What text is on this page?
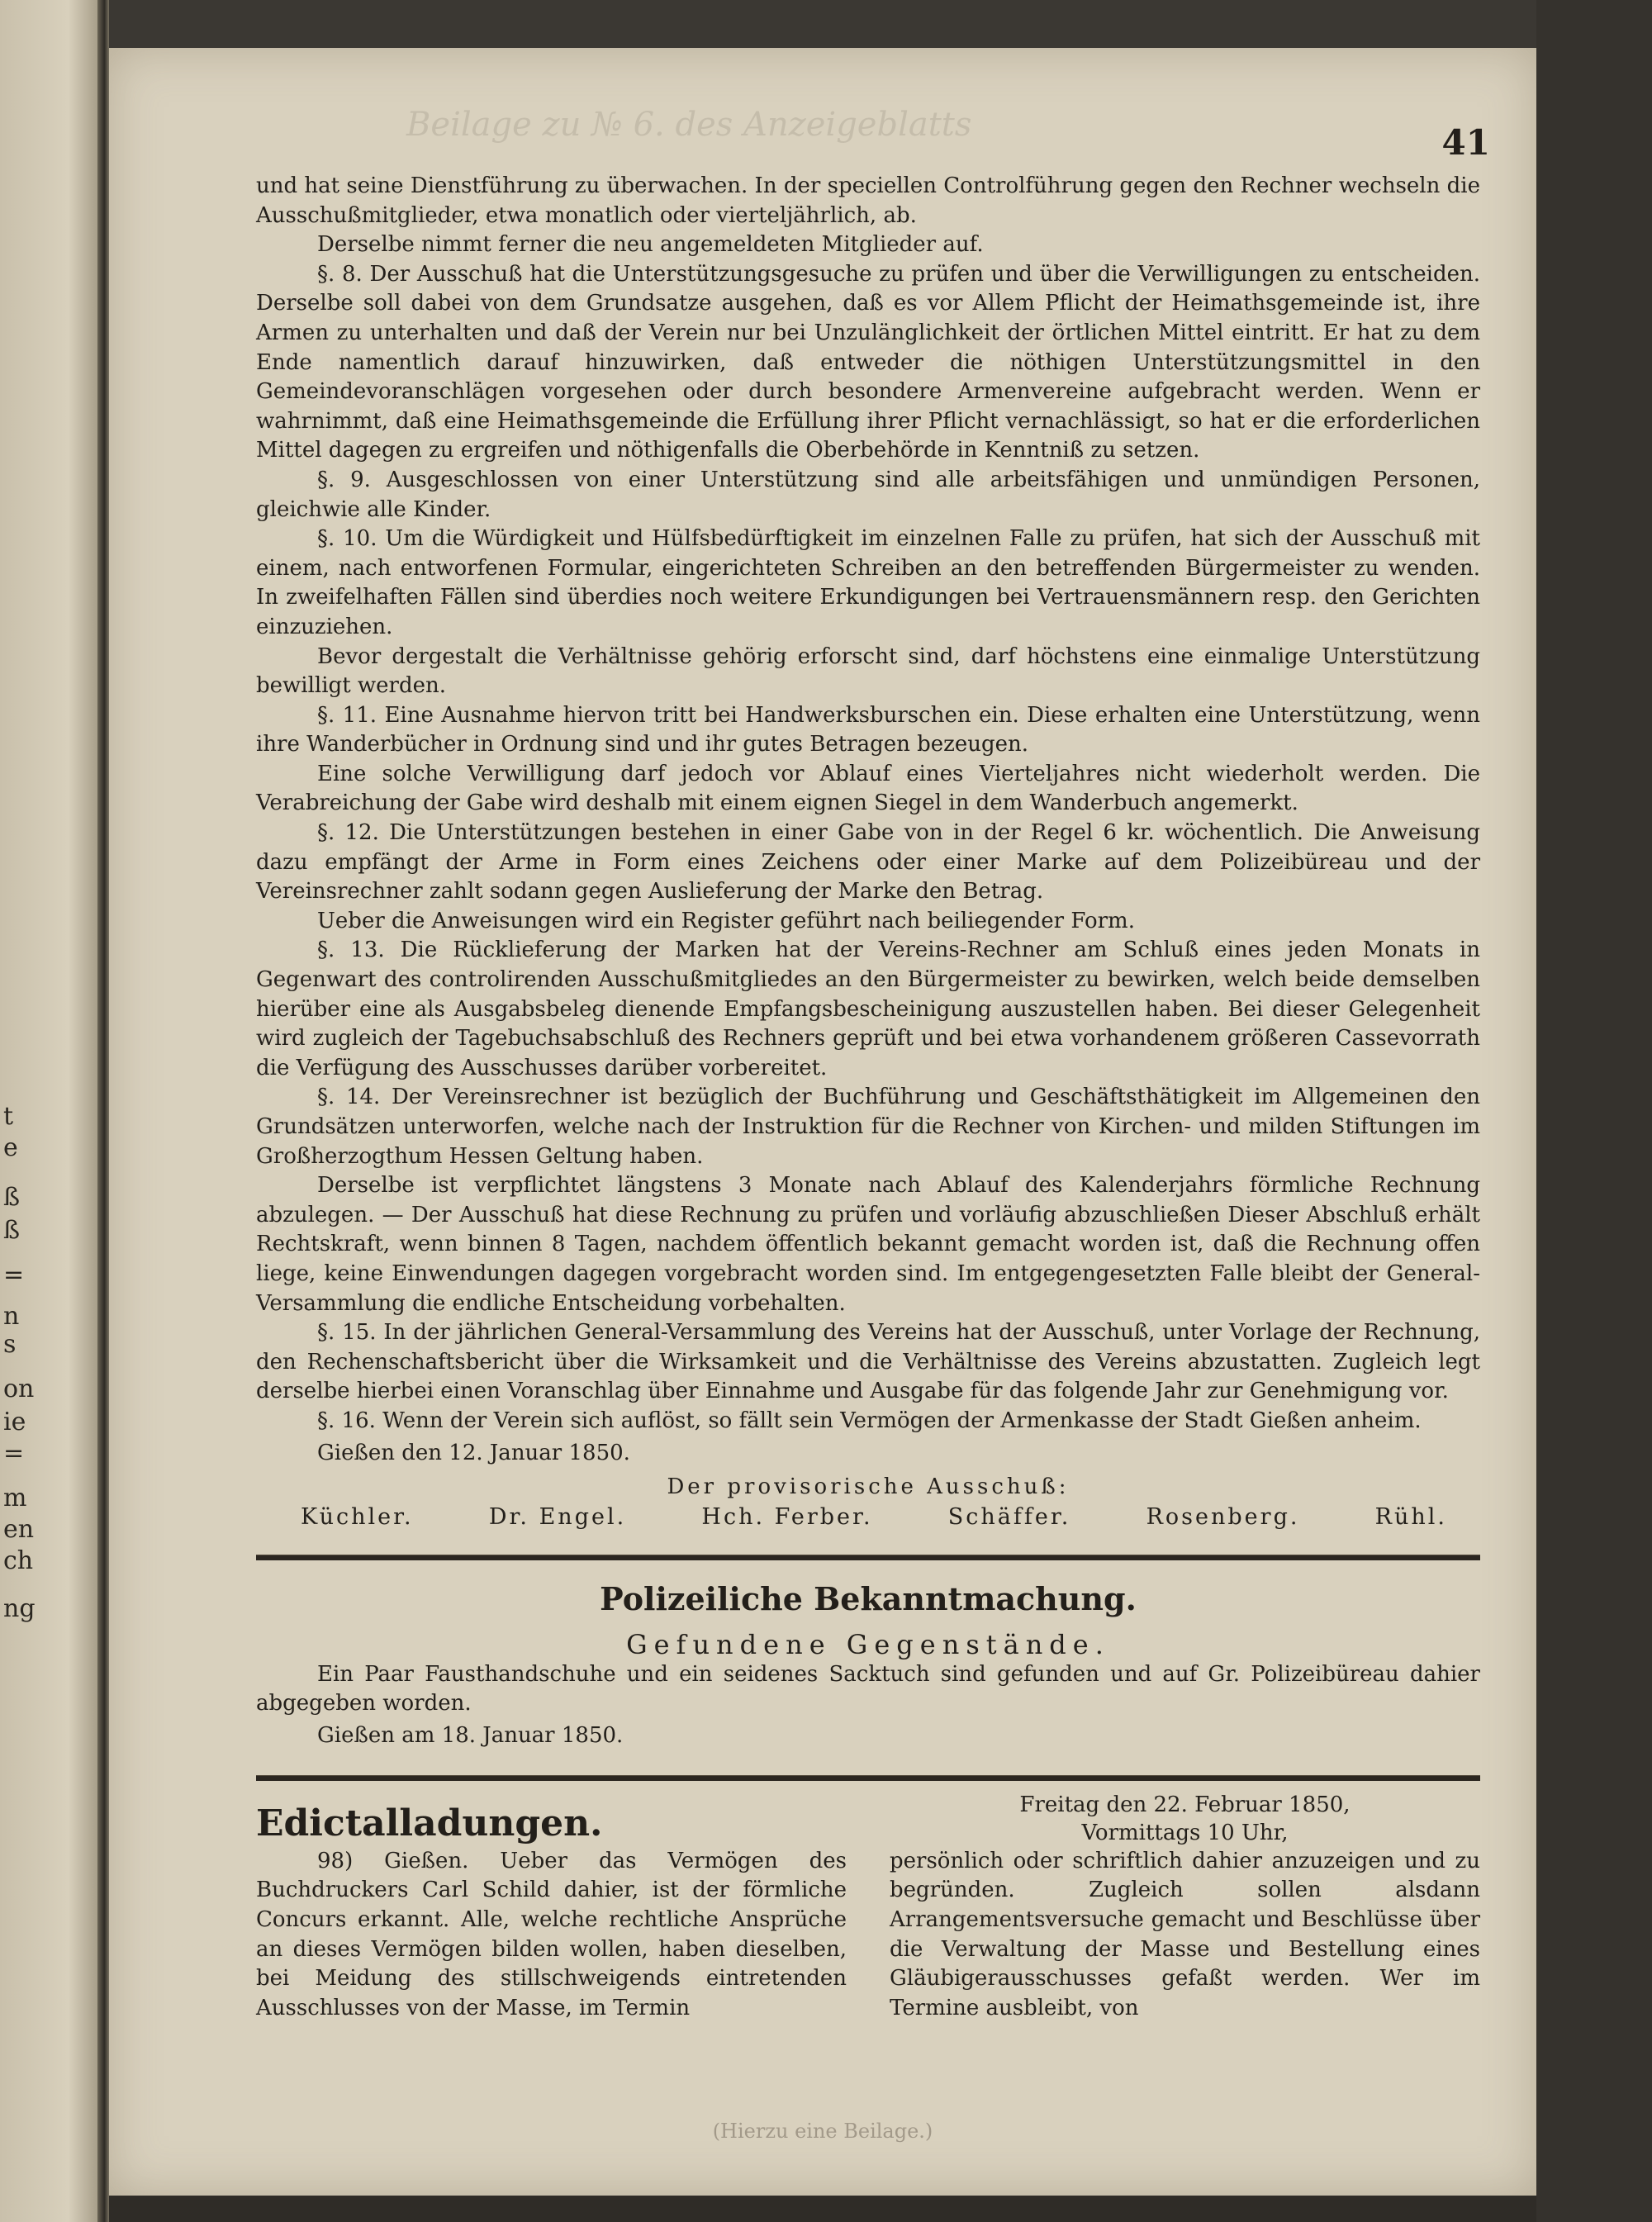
t
e
ß
ß
=
n
s
on
ie
=
m
en
ch
ng

Beilage zu № 6. des Anzeigeblatts	41

und hat seine Dienstführung zu überwachen. In der speciellen Controlführung gegen den Rechner wechseln die Ausschußmitglieder, etwa monatlich oder vierteljährlich, ab.

Derselbe nimmt ferner die neu angemeldeten Mitglieder auf.

§. 8. Der Ausschuß hat die Unterstützungsgesuche zu prüfen und über die Verwilligungen zu entscheiden. Derselbe soll dabei von dem Grundsatze ausgehen, daß es vor Allem Pflicht der Heimathsgemeinde ist, ihre Armen zu unterhalten und daß der Verein nur bei Unzulänglichkeit der örtlichen Mittel eintritt. Er hat zu dem Ende namentlich darauf hinzuwirken, daß entweder die nöthigen Unterstützungsmittel in den Gemeindevoranschlägen vorgesehen oder durch besondere Armenvereine aufgebracht werden. Wenn er wahrnimmt, daß eine Heimathsgemeinde die Erfüllung ihrer Pflicht vernachlässigt, so hat er die erforderlichen Mittel dagegen zu ergreifen und nöthigenfalls die Oberbehörde in Kenntniß zu setzen.

§. 9. Ausgeschlossen von einer Unterstützung sind alle arbeitsfähigen und unmündigen Personen, gleichwie alle Kinder.

§. 10. Um die Würdigkeit und Hülfsbedürftigkeit im einzelnen Falle zu prüfen, hat sich der Ausschuß mit einem, nach entworfenen Formular, eingerichteten Schreiben an den betreffenden Bürgermeister zu wenden. In zweifelhaften Fällen sind überdies noch weitere Erkundigungen bei Vertrauensmännern resp. den Gerichten einzuziehen.

Bevor dergestalt die Verhältnisse gehörig erforscht sind, darf höchstens eine einmalige Unterstützung bewilligt werden.

§. 11. Eine Ausnahme hiervon tritt bei Handwerksburschen ein. Diese erhalten eine Unterstützung, wenn ihre Wanderbücher in Ordnung sind und ihr gutes Betragen bezeugen.

Eine solche Verwilligung darf jedoch vor Ablauf eines Vierteljahres nicht wiederholt werden. Die Verabreichung der Gabe wird deshalb mit einem eignen Siegel in dem Wanderbuch angemerkt.

§. 12. Die Unterstützungen bestehen in einer Gabe von in der Regel 6 kr. wöchentlich. Die Anweisung dazu empfängt der Arme in Form eines Zeichens oder einer Marke auf dem Polizeibüreau und der Vereinsrechner zahlt sodann gegen Auslieferung der Marke den Betrag.

Ueber die Anweisungen wird ein Register geführt nach beiliegender Form.

§. 13. Die Rücklieferung der Marken hat der Vereins-Rechner am Schluß eines jeden Monats in Gegenwart des controlirenden Ausschußmitgliedes an den Bürgermeister zu bewirken, welch beide demselben hierüber eine als Ausgabsbeleg dienende Empfangsbescheinigung auszustellen haben. Bei dieser Gelegenheit wird zugleich der Tagebuchsabschluß des Rechners geprüft und bei etwa vorhandenem größeren Cassevorrath die Verfügung des Ausschusses darüber vorbereitet.

§. 14. Der Vereinsrechner ist bezüglich der Buchführung und Geschäftsthätigkeit im Allgemeinen den Grundsätzen unterworfen, welche nach der Instruktion für die Rechner von Kirchen- und milden Stiftungen im Großherzogthum Hessen Geltung haben.

Derselbe ist verpflichtet längstens 3 Monate nach Ablauf des Kalenderjahrs förmliche Rechnung abzulegen. — Der Ausschuß hat diese Rechnung zu prüfen und vorläufig abzuschließen Dieser Abschluß erhält Rechtskraft, wenn binnen 8 Tagen, nachdem öffentlich bekannt gemacht worden ist, daß die Rechnung offen liege, keine Einwendungen dagegen vorgebracht worden sind. Im entgegengesetzten Falle bleibt der General-Versammlung die endliche Entscheidung vorbehalten.

§. 15. In der jährlichen General-Versammlung des Vereins hat der Ausschuß, unter Vorlage der Rechnung, den Rechenschaftsbericht über die Wirksamkeit und die Verhältnisse des Vereins abzustatten. Zugleich legt derselbe hierbei einen Voranschlag über Einnahme und Ausgabe für das folgende Jahr zur Genehmigung vor.

§. 16. Wenn der Verein sich auflöst, so fällt sein Vermögen der Armenkasse der Stadt Gießen anheim.

Gießen den 12. Januar 1850.

Der provisorische Ausschuß:

Küchler.	Dr. Engel.	Hch. Ferber.	Schäffer.	Rosenberg.	Rühl.

Polizeiliche Bekanntmachung.

Gefundene Gegenstände.

Ein Paar Fausthandschuhe und ein seidenes Sacktuch sind gefunden und auf Gr. Polizeibüreau dahier abgegeben worden.

Gießen am 18. Januar 1850.

Edictalladungen.

98) Gießen. Ueber das Vermögen des Buchdruckers Carl Schild dahier, ist der förmliche Concurs erkannt. Alle, welche rechtliche Ansprüche an dieses Vermögen bilden wollen, haben dieselben, bei Meidung des stillschweigends eintretenden Ausschlusses von der Masse, im Termin

Freitag den 22. Februar 1850,

Vormittags 10 Uhr,

persönlich oder schriftlich dahier anzuzeigen und zu begründen. Zugleich sollen alsdann Arrangementsversuche gemacht und Beschlüsse über die Verwaltung der Masse und Bestellung eines Gläubigerausschusses gefaßt werden. Wer im Termine ausbleibt, von

(Hierzu eine Beilage.)
